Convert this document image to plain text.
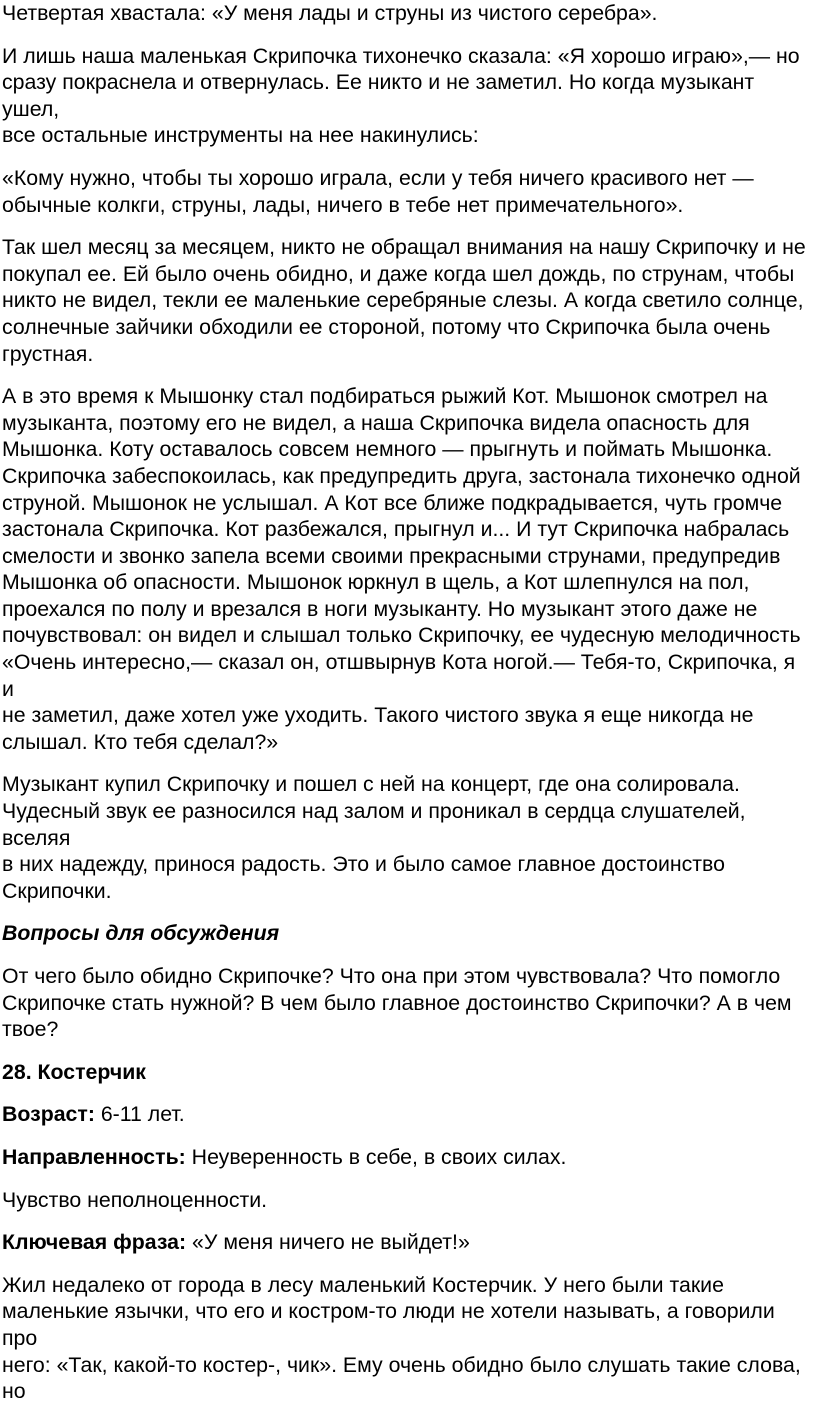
Четвертая хвастала: «У меня лады и струны из чистого серебра».

И лишь наша маленькая Скрипочка тихонечко сказала: «Я хорошо играю»,— но
сразу покраснела и отвернулась. Ее никто и не заметил. Но когда музыкант ушел,
все остальные инструменты на нее накинулись:

«Кому нужно, чтобы ты хорошо играла, если у тебя ничего красивого нет —
обычные колкги, струны, лады, ничего в тебе нет примечательного».

Так шел месяц за месяцем, никто не обращал внимания на нашу Скрипочку и не
покупал ее. Ей было очень обидно, и даже когда шел дождь, по струнам, чтобы
никто не видел, текли ее маленькие серебряные слезы. А когда светило солнце,
солнечные зайчики обходили ее стороной, потому что Скрипочка была очень
грустная.

А в это время к Мышонку стал подбираться рыжий Кот. Мышонок смотрел на
музыканта, поэтому его не видел, а наша Скрипочка видела опасность для
Мышонка. Коту оставалось совсем немного — прыгнуть и поймать Мышонка.
Скрипочка забеспокоилась, как предупредить друга, застонала тихонечко одной
струной. Мышонок не услышал. А Кот все ближе подкрадывается, чуть громче
застонала Скрипочка. Кот разбежался, прыгнул и... И тут Скрипочка набралась
смелости и звонко запела всеми своими прекрасными струнами, предупредив
Мышонка об опасности. Мышонок юркнул в щель, а Кот шлепнулся на пол,
проехался по полу и врезался в ноги музыканту. Но музыкант этого даже не
почувствовал: он видел и слышал только Скрипочку, ее чудесную мелодичность
«Очень интересно,— сказал он, отшвырнув Кота ногой.— Тебя-то, Скрипочка, я и
не заметил, даже хотел уже уходить. Такого чистого звука я еще никогда не
слышал. Кто тебя сделал?»

Музыкант купил Скрипочку и пошел с ней на концерт, где она солировала.
Чудесный звук ее разносился над залом и проникал в сердца слушателей, вселяя
в них надежду, принося радость. Это и было самое главное достоинство
Скрипочки.

Вопросы для обсуждения

От чего было обидно Скрипочке? Что она при этом чувствовала? Что помогло
Скрипочке стать нужной? В чем было главное достоинство Скрипочки? А в чем
твое?

28. Костерчик

Возраст: 6-11 лет.

Направленность: Неуверенность в себе, в своих силах.

Чувство неполноценности.

Ключевая фраза: «У меня ничего не выйдет!»

Жил недалеко от города в лесу маленький Костерчик. У него были такие
маленькие язычки, что его и костром-то люди не хотели называть, а говорили про
него: «Так, какой-то костер-, чик». Ему очень обидно было слушать такие слова, но
